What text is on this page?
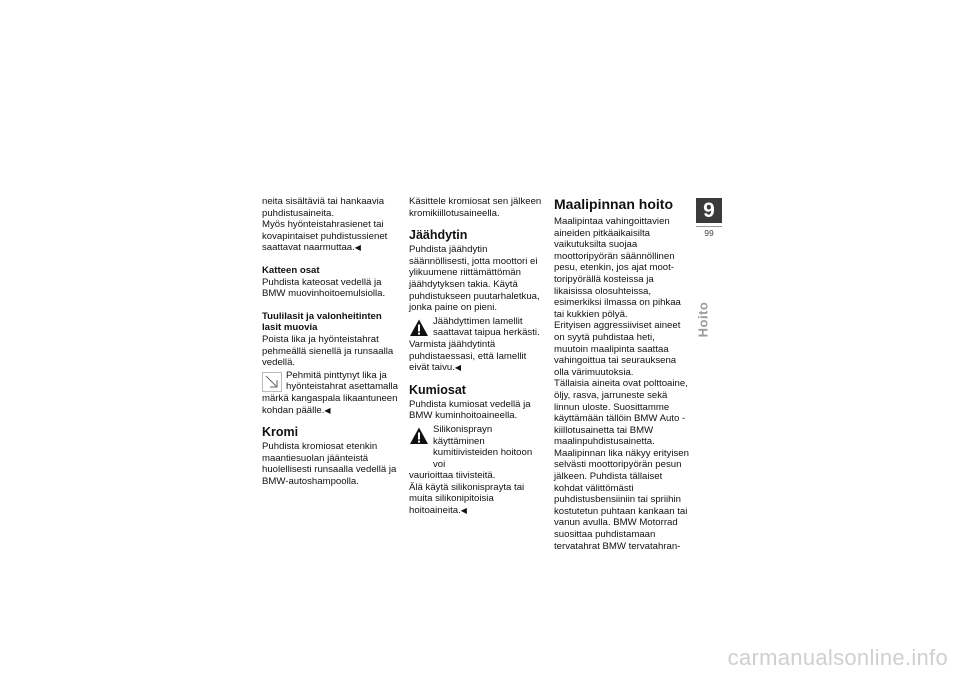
neita sisältäviä tai hankaavia puhdistusaineita.

Myös hyönteistahrasienet tai kovapintaiset puhdistussienet saattavat naarmuttaa.◀

Katteen osat

Puhdista kateosat vedellä ja BMW muovinhoitoemulsiolla.

Tuulilasit ja valonheitinten lasit muovia

Poista lika ja hyönteistahrat pehmeällä sienellä ja runsaalla vedellä.

Pehmitä pinttynyt lika ja hyönteistahrat asettamalla

märkä kangaspala likaantuneen kohdan päälle.◀

Kromi

Puhdista kromiosat etenkin maantiesuolan jäänteistä huolellisesti runsaalla vedellä ja BMW-autoshampoolla.

Käsittele kromiosat sen jälkeen kromikiillotusaineella.

Jäähdytin

Puhdista jäähdytin säännöllisesti, jotta moottori ei ylikuumene riittämättömän jäähdytyksen takia. Käytä puhdistukseen puutarhaletkua, jonka paine on pieni.

Jäähdyttimen lamellit saattavat taipua herkästi.

Varmista jäähdytintä puhdistaessasi, että lamellit eivät taivu.◀

Kumiosat

Puhdista kumiosat vedellä ja BMW kuminhoitoaineella.

Silikonisprayn käyttäminen kumitiivisteiden hoitoon voi

vaurioittaa tiivisteitä.

Älä käytä silikonisprayta tai muita silikonipitoisia hoitoaineita.◀

Maalipinnan hoito

Maalipintaa vahingoittavien aineiden pitkäaikaisilta vaikutuksilta suojaa moottoripyörän säännöllinen pesu, etenkin, jos ajat moottoripyörällä kosteissa ja likaisissa olosuhteissa, esimerkiksi ilmassa on pihkaa tai kukkien pölyä.

Erityisen aggressiiviset aineet on syytä puhdistaa heti, muutoin maalipinta saattaa vahingoittua tai seurauksena olla värimuutoksia.

Tällaisia aineita ovat polttoaine, öljy, rasva, jarruneste sekä linnun uloste. Suosittamme käyttämään tällöin BMW Auto -kiillotusainetta tai BMW maalinpuhdistusainetta.

Maalipinnan lika näkyy erityisen selvästi moottoripyörän pesun jälkeen. Puhdista tällaiset kohdat välittömästi puhdistusbensiiniin tai spriihin kostutetun puhtaan kankaan tai vanun avulla. BMW Motorrad suosittaa puhdistamaan tervatahrat BMW tervatahran-

9
99
Hoito
carmanualsonline.info
